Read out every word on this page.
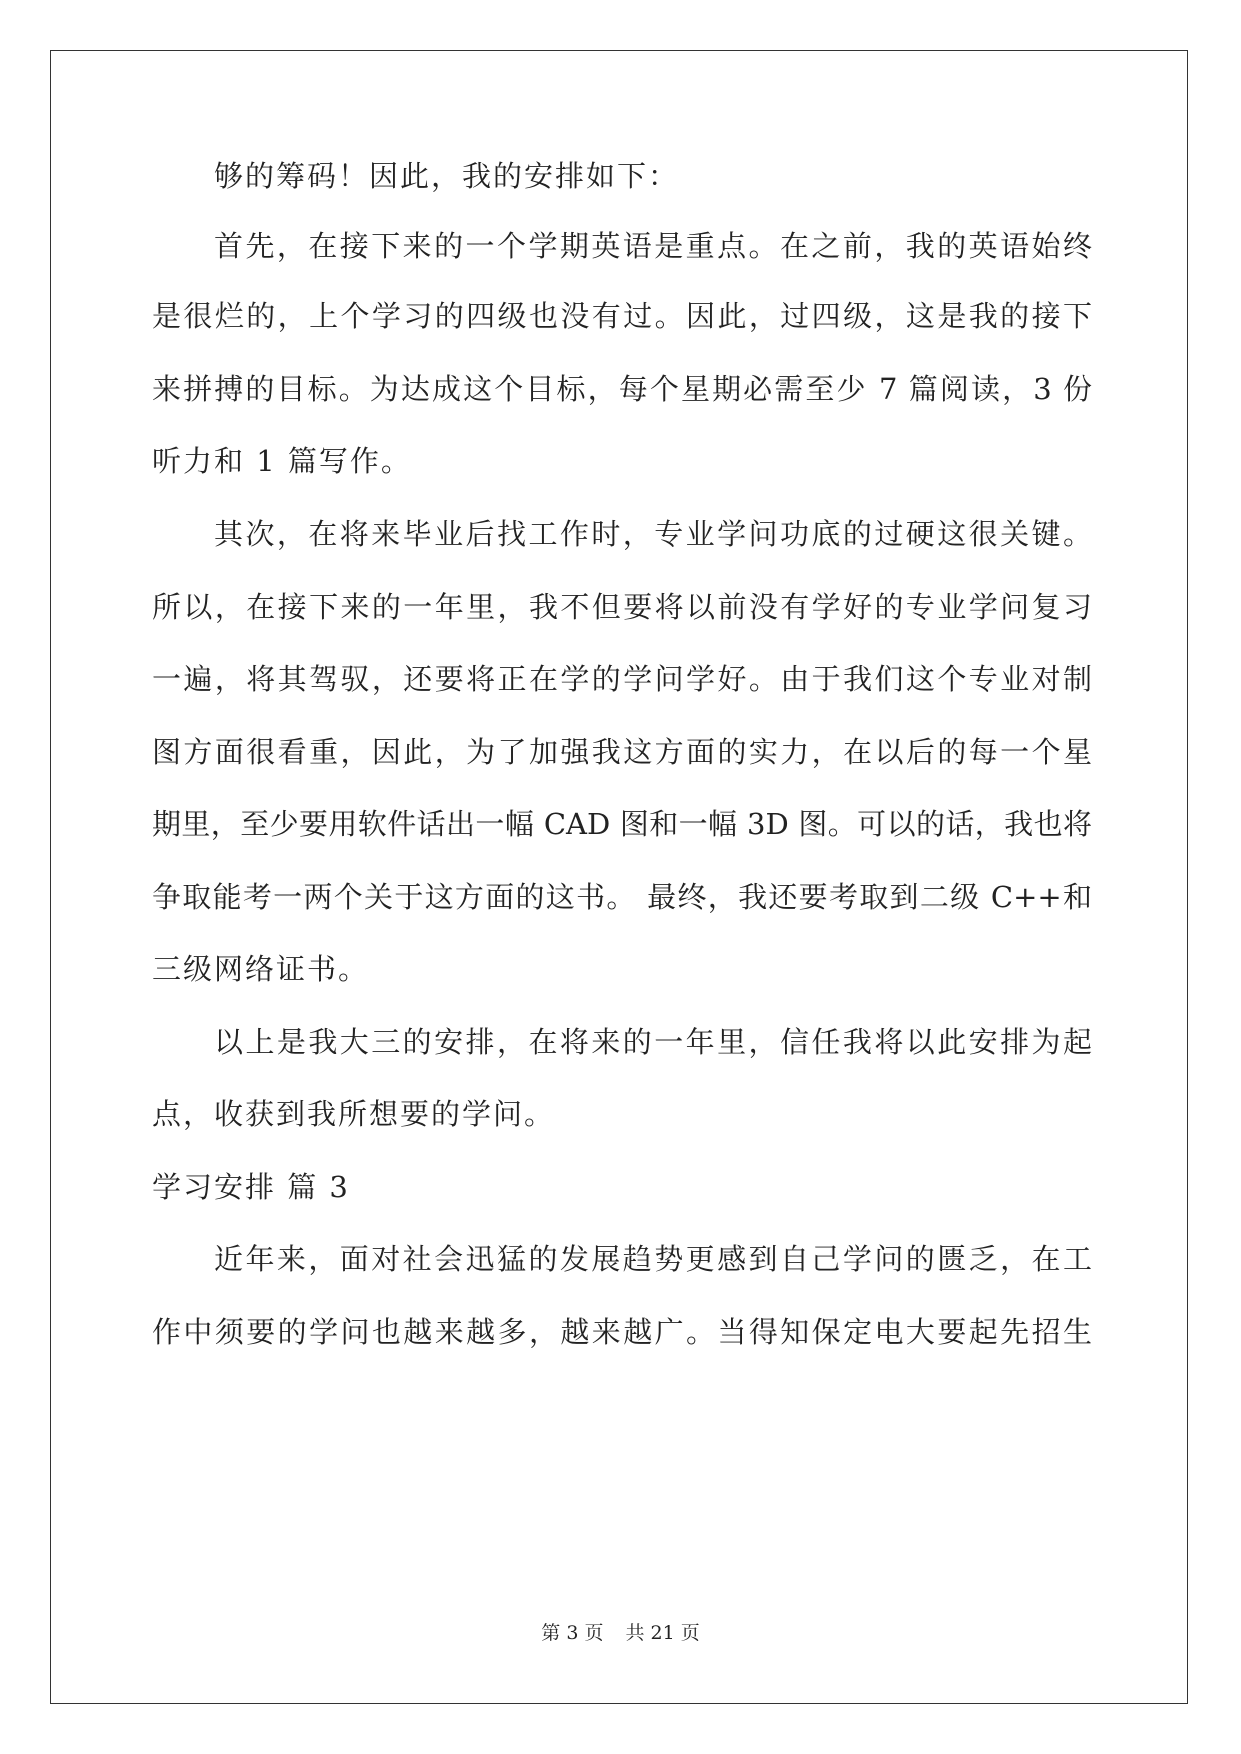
够的筹码！因此，我的安排如下：
首先，在接下来的一个学期英语是重点。在之前，我的英语始终
是很烂的，上个学习的四级也没有过。因此，过四级，这是我的接下
来拼搏的目标。为达成这个目标，每个星期必需至少 7 篇阅读，3 份
听力和 1 篇写作。
其次，在将来毕业后找工作时，专业学问功底的过硬这很关键。
所以，在接下来的一年里，我不但要将以前没有学好的专业学问复习
一遍，将其驾驭，还要将正在学的学问学好。由于我们这个专业对制
图方面很看重，因此，为了加强我这方面的实力，在以后的每一个星
期里，至少要用软件话出一幅 CAD 图和一幅 3D 图。可以的话，我也将
争取能考一两个关于这方面的这书。 最终，我还要考取到二级 C++和
三级网络证书。
以上是我大三的安排，在将来的一年里，信任我将以此安排为起
点，收获到我所想要的学问。
学习安排 篇 3
近年来，面对社会迅猛的发展趋势更感到自己学问的匮乏，在工
作中须要的学问也越来越多，越来越广。当得知保定电大要起先招生
第 3 页 共 21 页
